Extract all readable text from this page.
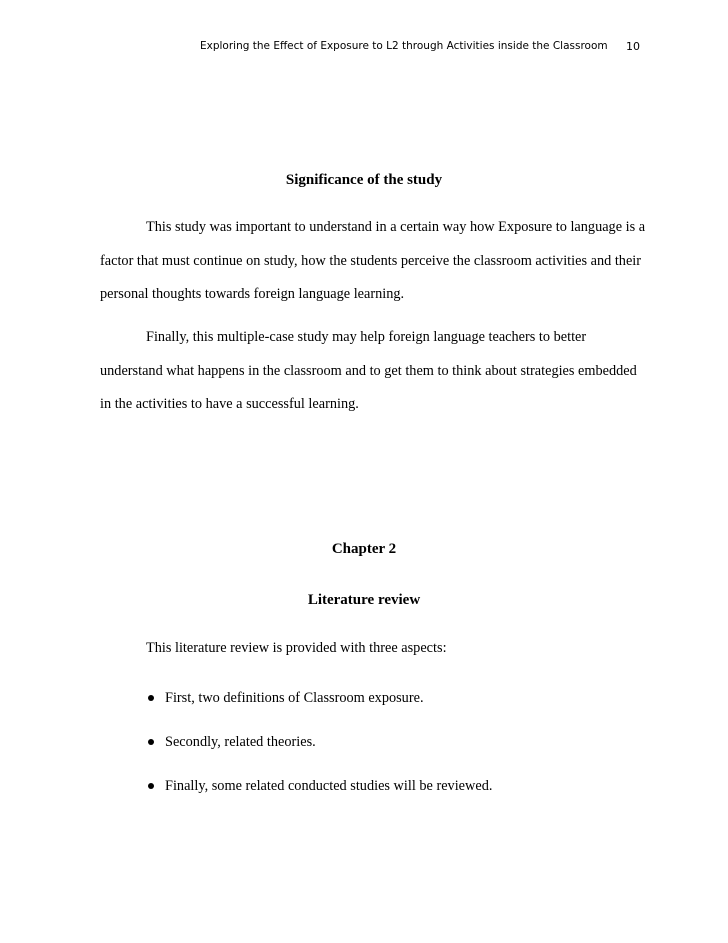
Exploring the Effect of Exposure to L2 through Activities inside the Classroom	10
Significance of the study

This study was important to understand in a certain way how Exposure to language is a
factor that must continue on study, how the students perceive the classroom activities and their
personal thoughts towards foreign language learning.

Finally, this multiple-case study may help foreign language teachers to better
understand what happens in the classroom and to get them to think about strategies embedded
in the activities to have a successful learning.

Chapter 2
Literature review

This literature review is provided with three aspects:

First, two definitions of Classroom exposure.
Secondly, related theories.
Finally, some related conducted studies will be reviewed.
